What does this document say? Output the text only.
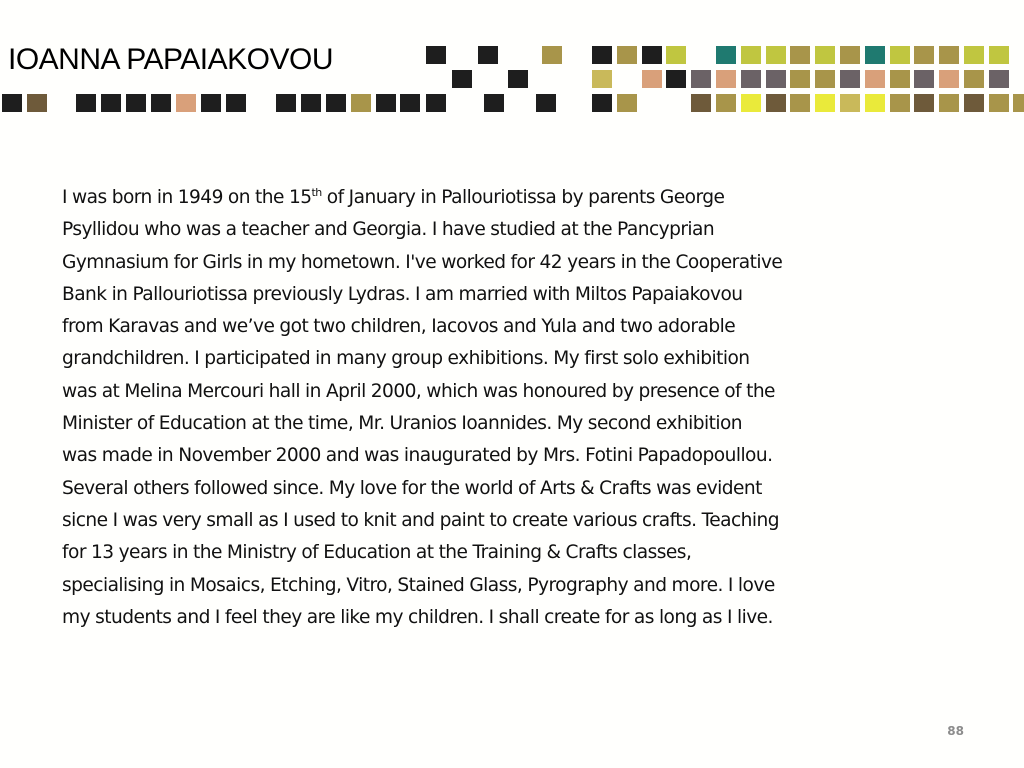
IOANNA PAPAIAKOVOU

I was born in 1949 on the 15th of January in Pallouriotissa by parents George

Psyllidou who was a teacher and Georgia. I have studied at the Pancyprian

Gymnasium for Girls in my hometown. I've worked for 42 years in the Cooperative

Bank in Pallouriotissa previously Lydras. I am married with Miltos Papaiakovou

from Karavas and we’ve got two children, Iacovos and Yula and two adorable

grandchildren. I participated in many group exhibitions. My first solo exhibition

was at Melina Mercouri hall in April 2000, which was honoured by presence of the

Minister of Education at the time, Mr. Uranios Ioannides. My second exhibition

was made in November 2000 and was inaugurated by Mrs. Fotini Papadopoullou.

Several others followed since. My love for the world of Arts & Crafts was evident

sicne I was very small as I used to knit and paint to create various crafts. Teaching

for 13 years in the Ministry of Education at the Training & Crafts classes,

specialising in Mosaics, Etching, Vitro, Stained Glass, Pyrography and more. I love

my students and I feel they are like my children. I shall create for as long as I live.

88
